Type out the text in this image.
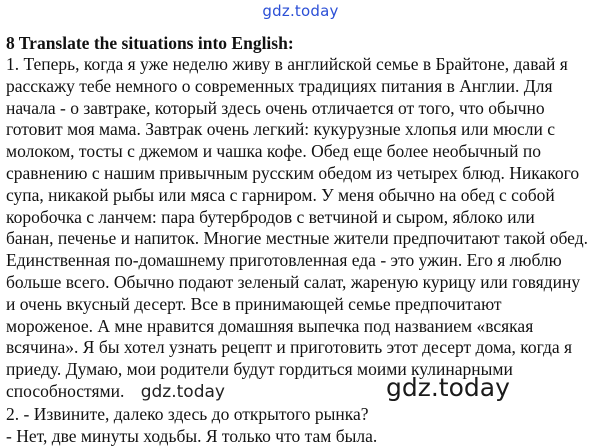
gdz.today
8 Translate the situations into English:
1. Теперь, когда я уже неделю живу в английской семье в Брайтоне, давай я
расскажу тебе немного о современных традициях питания в Англии. Для
начала - о завтраке, который здесь очень отличается от того, что обычно
готовит моя мама. Завтрак очень легкий: кукурузные хлопья или мюсли с
молоком, тосты с джемом и чашка кофе. Обед еще более необычный по
сравнению с нашим привычным русским обедом из четырех блюд. Никакого
супа, никакой рыбы или мяса с гарниром. У меня обычно на обед с собой
коробочка с ланчем: пара бутербродов с ветчиной и сыром, яблоко или
банан, печенье и напиток. Многие местные жители предпочитают такой обед.
Единственная по-домашнему приготовленная еда - это ужин. Его я люблю
больше всего. Обычно подают зеленый салат, жареную курицу или говядину
и очень вкусный десерт. Все в принимающей семье предпочитают
мороженое. А мне нравится домашняя выпечка под названием «всякая
всячина». Я бы хотел узнать рецепт и приготовить этот десерт дома, когда я
приеду. Думаю, мои родители будут гордиться моими кулинарными
способностями. gdz.today
2. - Извините, далеко здесь до открытого рынка?
- Нет, две минуты ходьбы. Я только что там была.
gdz.today
